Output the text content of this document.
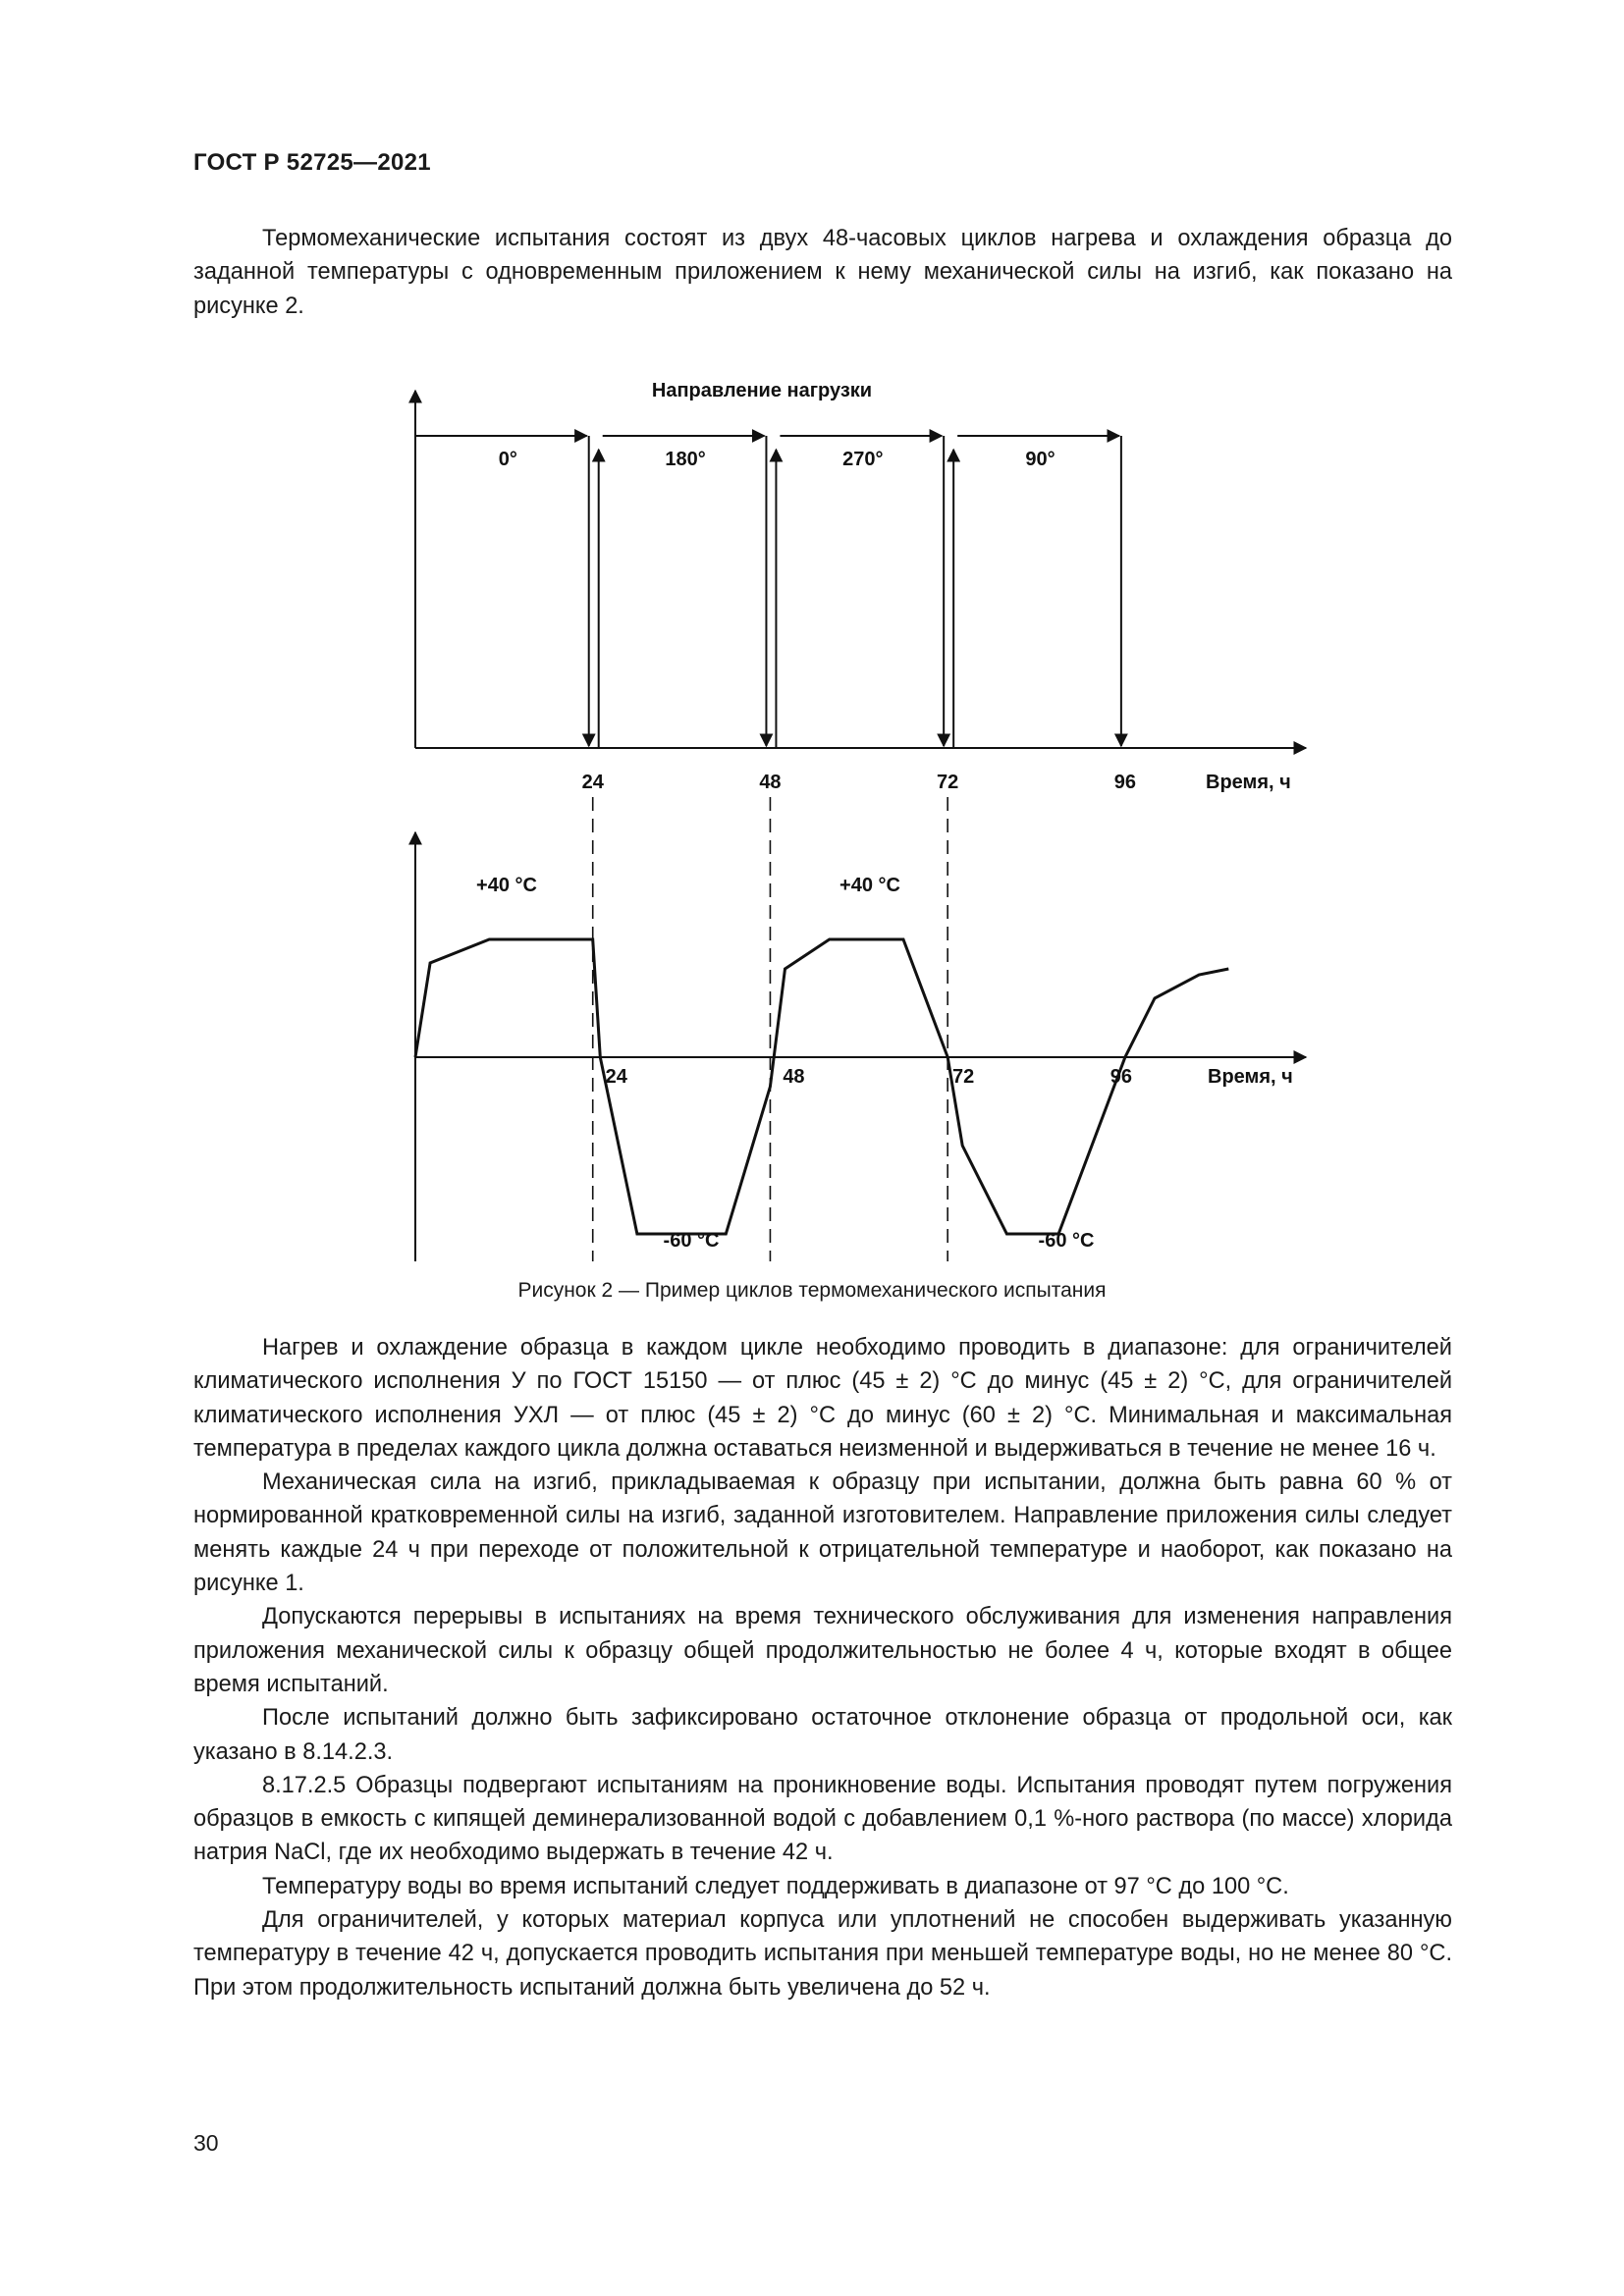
ГОСТ Р 52725—2021

Термомеханические испытания состоят из двух 48-часовых циклов нагрева и охлаждения образца до заданной температуры с одновременным приложением к нему механической силы на изгиб, как показано на рисунке 2.

0°	180°	270°	90°
Направление нагрузки
24	48	72	96	Время, ч
24	48	72	96	Время, ч
+40 °С	+40 °С
-60 °С	-60 °С
Рисунок 2 — Пример циклов термомеханического испытания

Нагрев и охлаждение образца в каждом цикле необходимо проводить в диапазоне: для ограничителей климатического исполнения У по ГОСТ 15150 — от плюс (45 ± 2) °С до минус (45 ± 2) °С, для ограничителей климатического исполнения УХЛ — от плюс (45 ± 2) °С до минус (60 ± 2) °С. Минимальная и максимальная температура в пределах каждого цикла должна оставаться неизменной и выдерживаться в течение не менее 16 ч.

Механическая сила на изгиб, прикладываемая к образцу при испытании, должна быть равна 60 % от нормированной кратковременной силы на изгиб, заданной изготовителем. Направление приложения силы следует менять каждые 24 ч при переходе от положительной к отрицательной температуре и наоборот, как показано на рисунке 1.

Допускаются перерывы в испытаниях на время технического обслуживания для изменения направления приложения механической силы к образцу общей продолжительностью не более 4 ч, которые входят в общее время испытаний.

После испытаний должно быть зафиксировано остаточное отклонение образца от продольной оси, как указано в 8.14.2.3.

8.17.2.5 Образцы подвергают испытаниям на проникновение воды. Испытания проводят путем погружения образцов в емкость с кипящей деминерализованной водой с добавлением 0,1 %-ного раствора (по массе) хлорида натрия NaCl, где их необходимо выдержать в течение 42 ч.

Температуру воды во время испытаний следует поддерживать в диапазоне от 97 °С до 100 °С.

Для ограничителей, у которых материал корпуса или уплотнений не способен выдерживать указанную температуру в течение 42 ч, допускается проводить испытания при меньшей температуре воды, но не менее 80 °С. При этом продолжительность испытаний должна быть увеличена до 52 ч.

30
